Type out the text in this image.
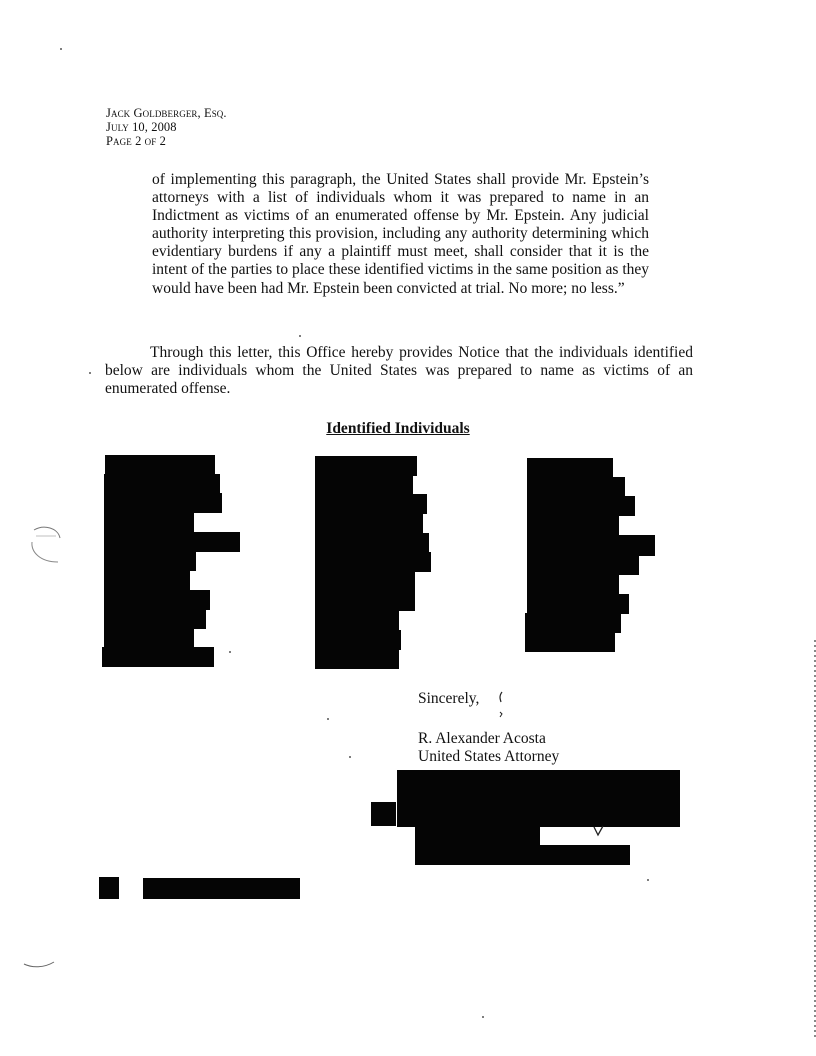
Jack Goldberger, Esq.
July 10, 2008
Page 2 of 2

of implementing this paragraph, the United States shall provide Mr. Epstein’s attorneys with a list of individuals whom it was prepared to name in an Indictment as victims of an enumerated offense by Mr. Epstein. Any judicial authority interpreting this provision, including any authority determining which evidentiary burdens if any a plaintiff must meet, shall consider that it is the intent of the parties to place these identified victims in the same position as they would have been had Mr. Epstein been convicted at trial. No more; no less.”

Through this letter, this Office hereby provides Notice that the individuals identified below are individuals whom the United States was prepared to name as victims of an enumerated offense.

Identified Individuals
Sincerely,
R. Alexander Acosta
United States Attorney
